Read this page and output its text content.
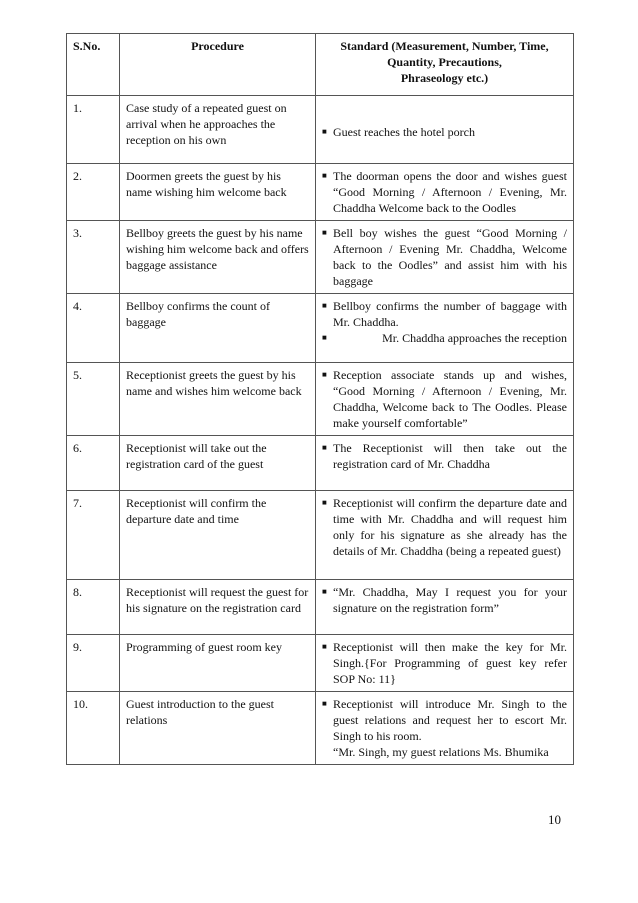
S.No.	Procedure	Standard (Measurement, Number, Time,
Quantity, Precautions,
Phraseology etc.)

1.	Case study of a repeated guest on arrival when he approaches the reception on his own	■ Guest reaches the hotel porch

2.	Doormen greets the guest by his name wishing him welcome back	■ The doorman opens the door and wishes guest “Good Morning / Afternoon / Evening, Mr. Chaddha Welcome back to the Oodles

3.	Bellboy greets the guest by his name wishing him welcome back and offers baggage assistance	■ Bell boy wishes the guest “Good Morning / Afternoon / Evening Mr. Chaddha, Welcome back to the Oodles” and assist him with his baggage

4.	Bellboy confirms the count of baggage	■ Bellboy confirms the number of baggage with Mr. Chaddha.
■ Mr. Chaddha approaches the reception

5.	Receptionist greets the guest by his name and wishes him welcome back	■ Reception associate stands up and wishes, “Good Morning / Afternoon / Evening, Mr. Chaddha, Welcome back to The Oodles. Please make yourself comfortable”

6.	Receptionist will take out the registration card of the guest	■ The Receptionist will then take out the registration card of Mr. Chaddha

7.	Receptionist will confirm the departure date and time	■ Receptionist will confirm the departure date and time with Mr. Chaddha and will request him only for his signature as she already has the details of Mr. Chaddha (being a repeated guest)

8.	Receptionist will request the guest for his signature on the registration card	■ “Mr. Chaddha, May I request you for your signature on the registration form”

9.	Programming of guest room key	■ Receptionist will then make the key for Mr. Singh.{For Programming of guest key refer SOP No: 11}

10.	Guest introduction to the guest relations	■ Receptionist will introduce Mr. Singh to the guest relations and request her to escort Mr. Singh to his room.
“Mr. Singh, my guest relations Ms. Bhumika
10
